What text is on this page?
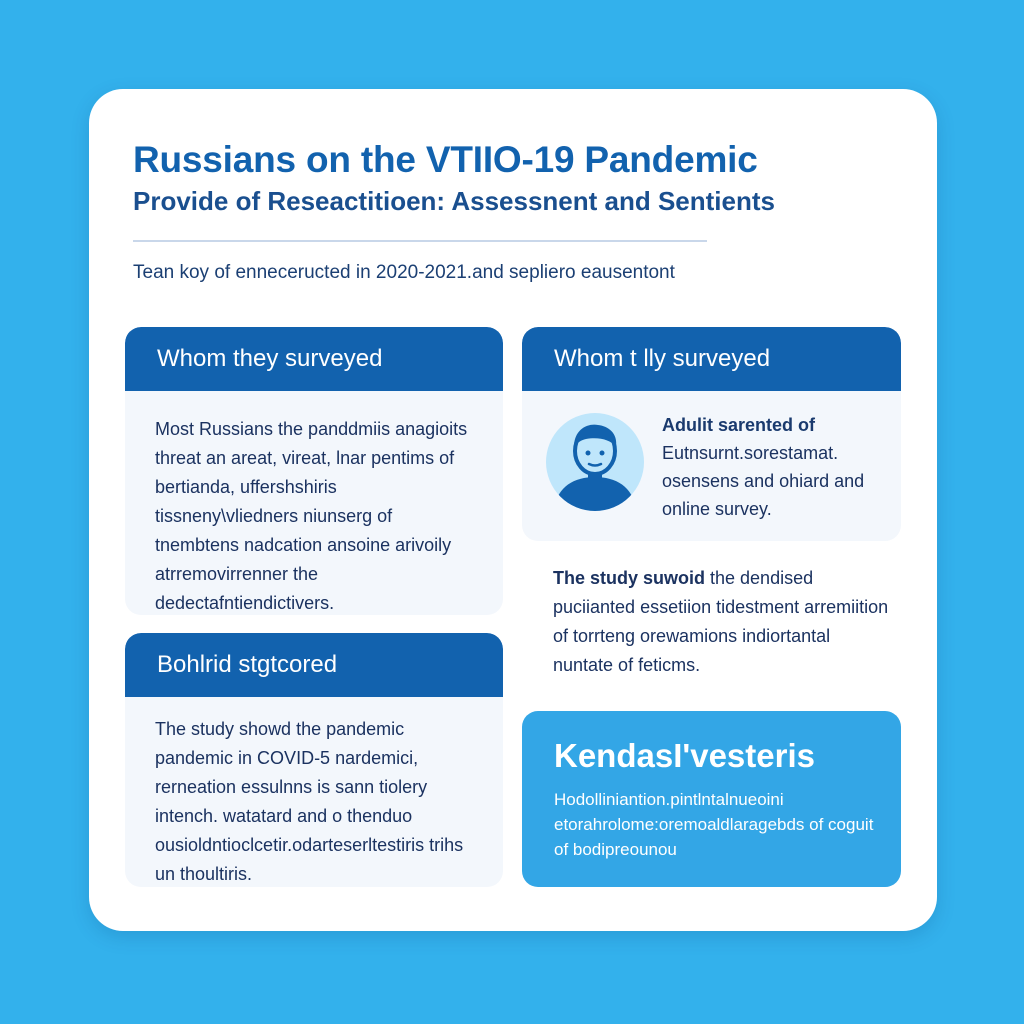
Russians on the VTIIO-19 Pandemic
Provide of Reseactitioen: Assessnent and Sentients

Tean koy of enneceructed in 2020-2021.and sepliero eausentont

Whom they surveyed

Most Russians the panddmiis anagioits threat an areat, vireat, lnar pentims of bertianda, uffershshiris tissneny\vliedners niunserg of tnembtens nadcation ansoine arivoily atrremovirrenner the dedectafntiendictivers.

Bohlrid stgtcored

The study showd the pandemic pandemic in COVID-5 nardemici, rerneation essulnns is sann tiolery intench. watatard and o thenduo ousioldntioclcetir.odarteserltestiris trihs un thoultiris.

Whom t lly surveyed
Adulit sarented of
Eutnsurnt.sorestamat. osensens and ohiard and online survey.

The study suwoid the dendised puciianted essetiion tidestment arremiition of torrteng orewamions indiortantal nuntate of feticms.

KendasI'vesteris

Hodolliniantion.pintlntalnueoini etorahrolome:oremoaldlaragebds of coguit of bodipreounou
